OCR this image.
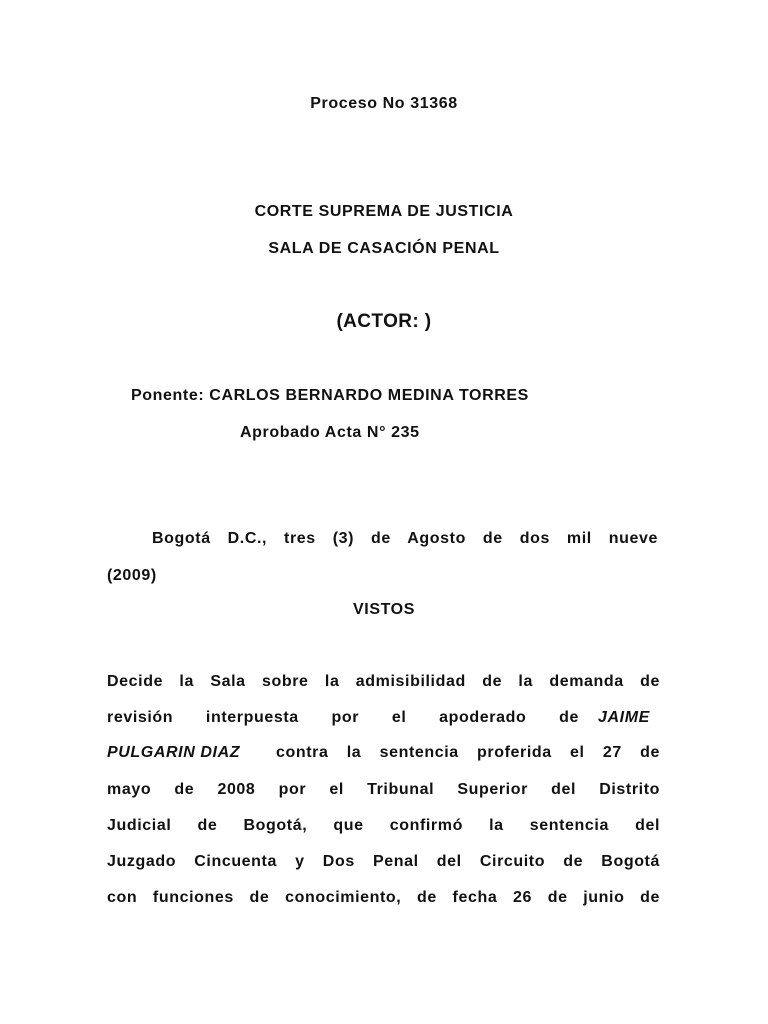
Proceso No 31368
CORTE SUPREMA DE JUSTICIA
SALA DE CASACIÓN PENAL
(ACTOR: )
Ponente: CARLOS BERNARDO MEDINA TORRES
Aprobado Acta N° 235
Bogotá D.C., tres (3) de Agosto de dos mil nueve
(2009)
VISTOS
Decide la Sala sobre la admisibilidad de la demanda de
revisión interpuesta por el apoderado de JAIME
PULGARIN DIAZ contra la sentencia proferida el 27 de
mayo de 2008 por el Tribunal Superior del Distrito
Judicial de Bogotá, que confirmó la sentencia del
Juzgado Cincuenta y Dos Penal del Circuito de Bogotá
con funciones de conocimiento, de fecha 26 de junio de
